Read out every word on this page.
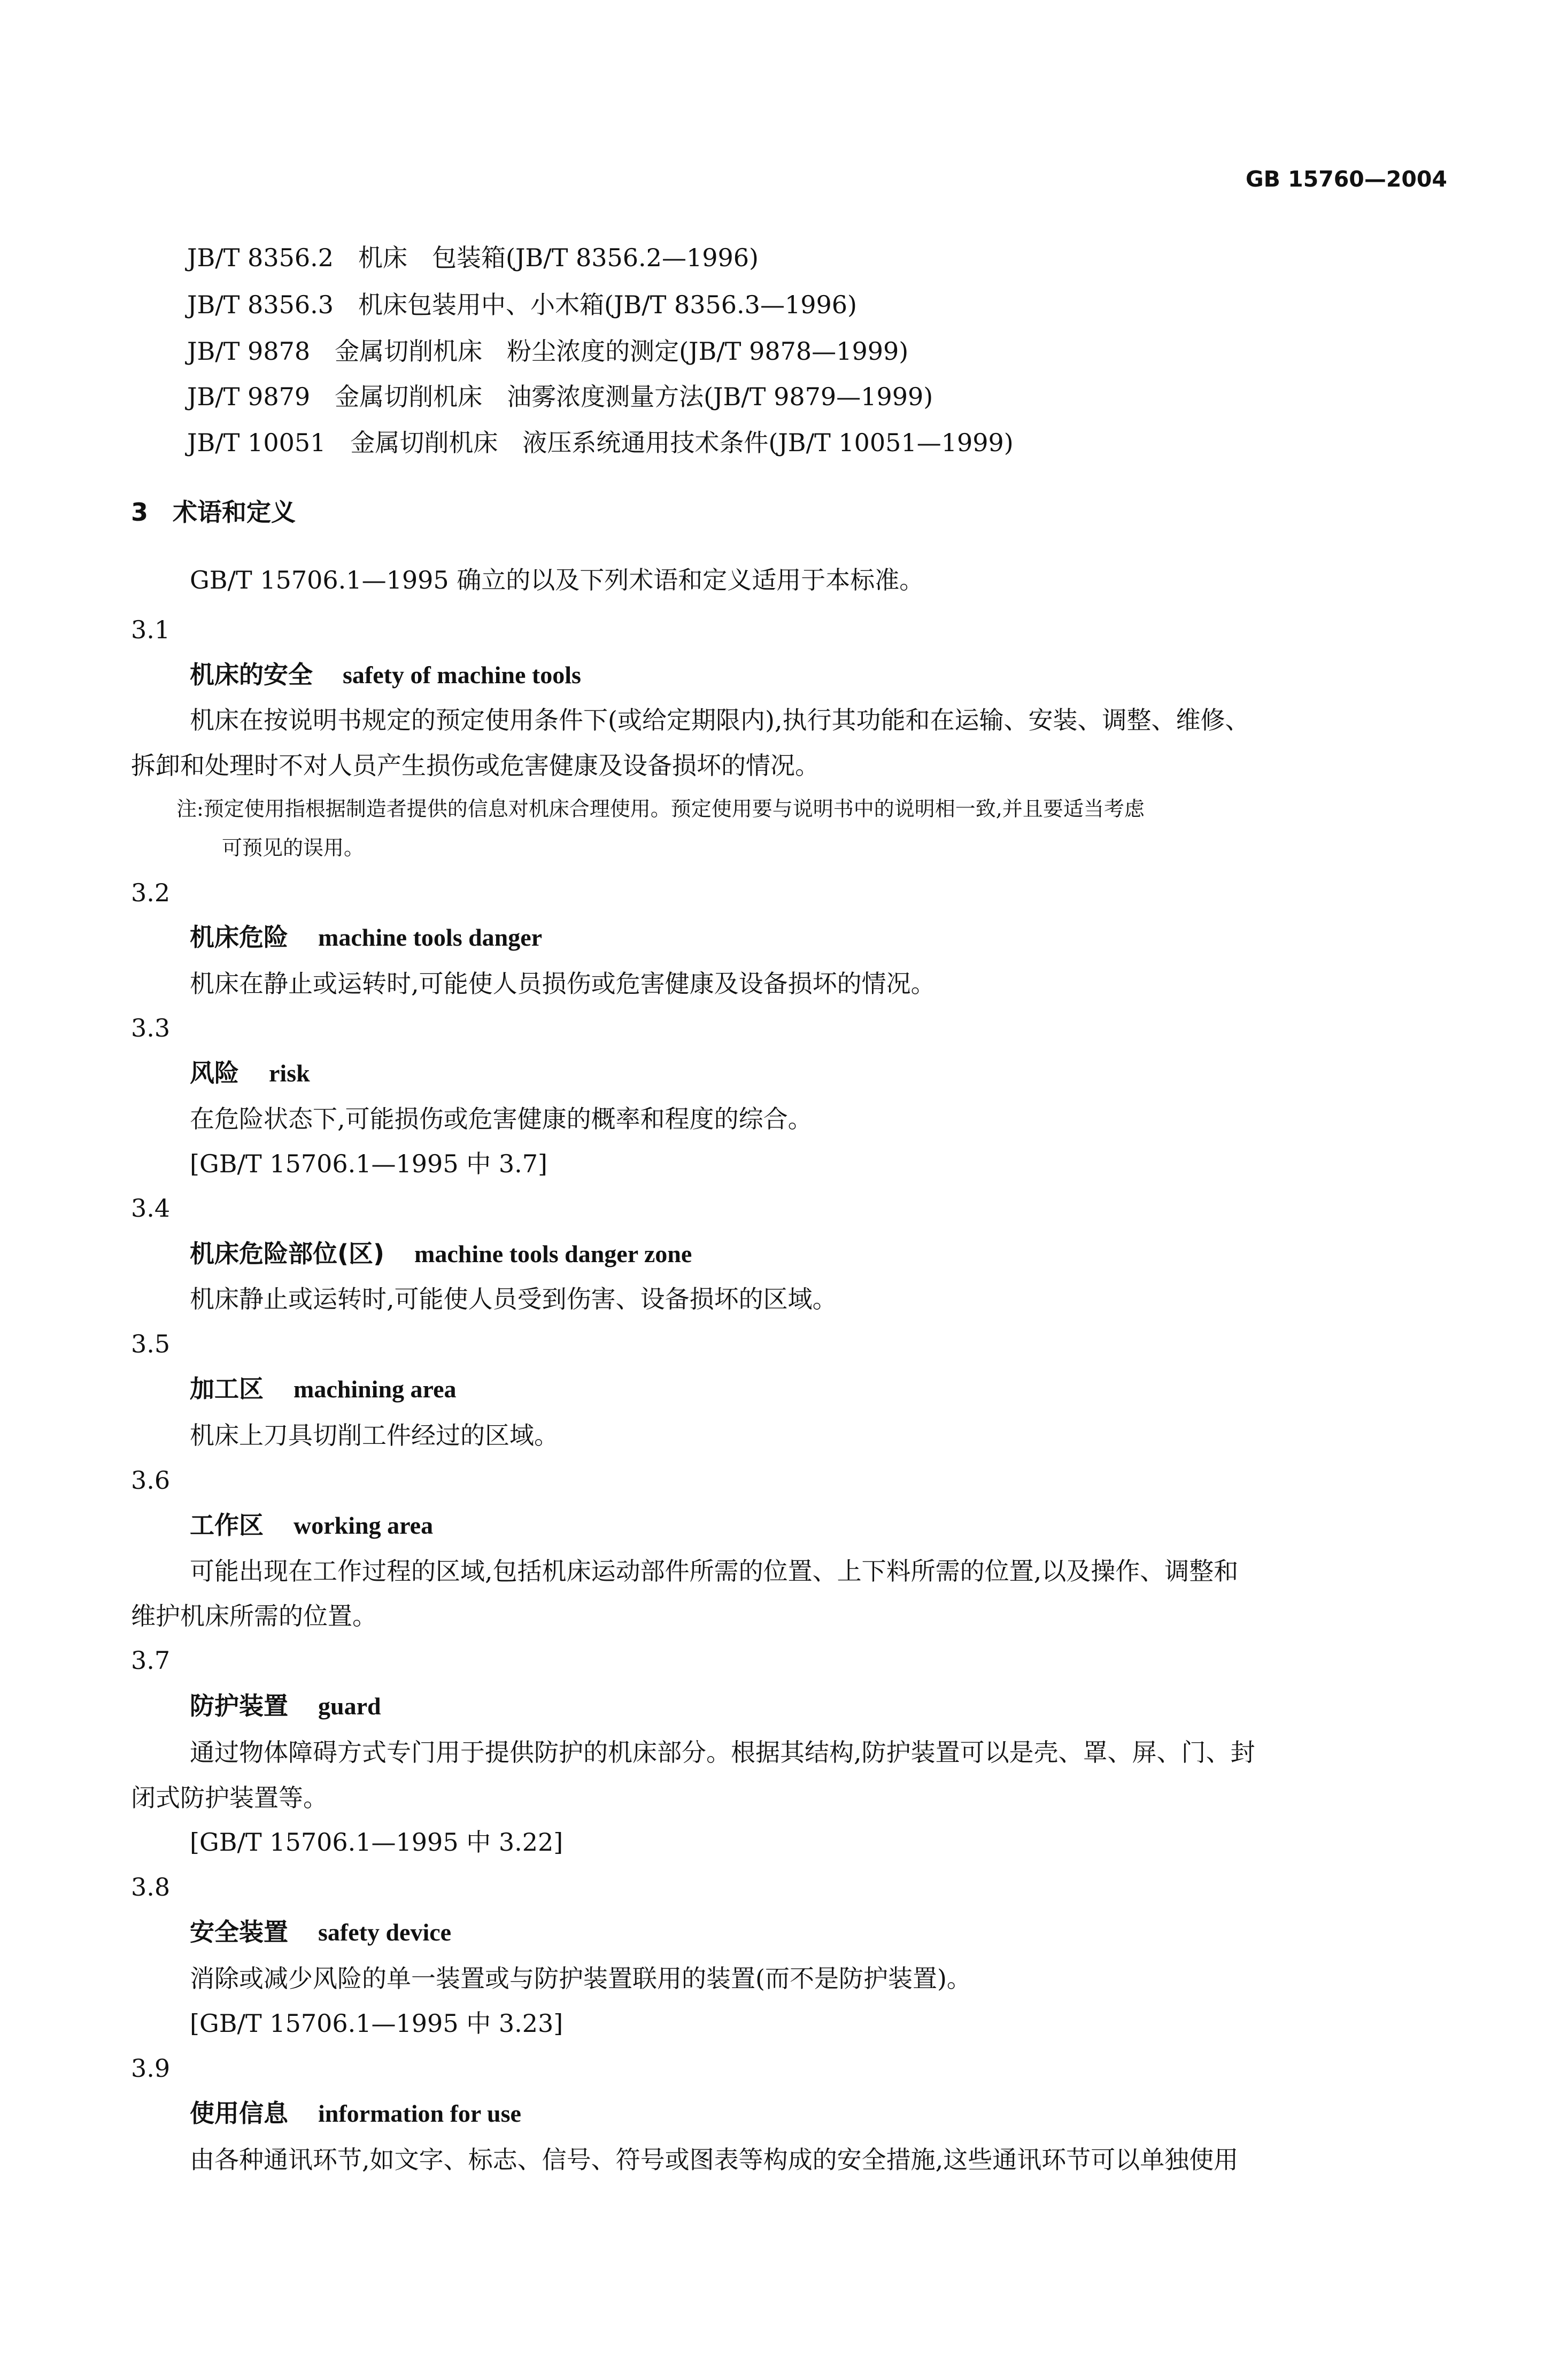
GB 15760—2004
JB/T 8356.2　机床　包装箱(JB/T 8356.2—1996)
JB/T 8356.3　机床包装用中、小木箱(JB/T 8356.3—1996)
JB/T 9878　金属切削机床　粉尘浓度的测定(JB/T 9878—1999)
JB/T 9879　金属切削机床　油雾浓度测量方法(JB/T 9879—1999)
JB/T 10051　金属切削机床　液压系统通用技术条件(JB/T 10051—1999)
3　术语和定义
GB/T 15706.1—1995 确立的以及下列术语和定义适用于本标准。
3.1
机床的安全 safety of machine tools
机床在按说明书规定的预定使用条件下(或给定期限内),执行其功能和在运输、安装、调整、维修、
拆卸和处理时不对人员产生损伤或危害健康及设备损坏的情况。
注:预定使用指根据制造者提供的信息对机床合理使用。预定使用要与说明书中的说明相一致,并且要适当考虑
可预见的误用。
3.2
机床危险 machine tools danger
机床在静止或运转时,可能使人员损伤或危害健康及设备损坏的情况。
3.3
风险 risk
在危险状态下,可能损伤或危害健康的概率和程度的综合。
[GB/T 15706.1—1995 中 3.7]
3.4
机床危险部位(区) machine tools danger zone
机床静止或运转时,可能使人员受到伤害、设备损坏的区域。
3.5
加工区 machining area
机床上刀具切削工件经过的区域。
3.6
工作区 working area
可能出现在工作过程的区域,包括机床运动部件所需的位置、上下料所需的位置,以及操作、调整和
维护机床所需的位置。
3.7
防护装置 guard
通过物体障碍方式专门用于提供防护的机床部分。根据其结构,防护装置可以是壳、罩、屏、门、封
闭式防护装置等。
[GB/T 15706.1—1995 中 3.22]
3.8
安全装置 safety device
消除或减少风险的单一装置或与防护装置联用的装置(而不是防护装置)。
[GB/T 15706.1—1995 中 3.23]
3.9
使用信息 information for use
由各种通讯环节,如文字、标志、信号、符号或图表等构成的安全措施,这些通讯环节可以单独使用
